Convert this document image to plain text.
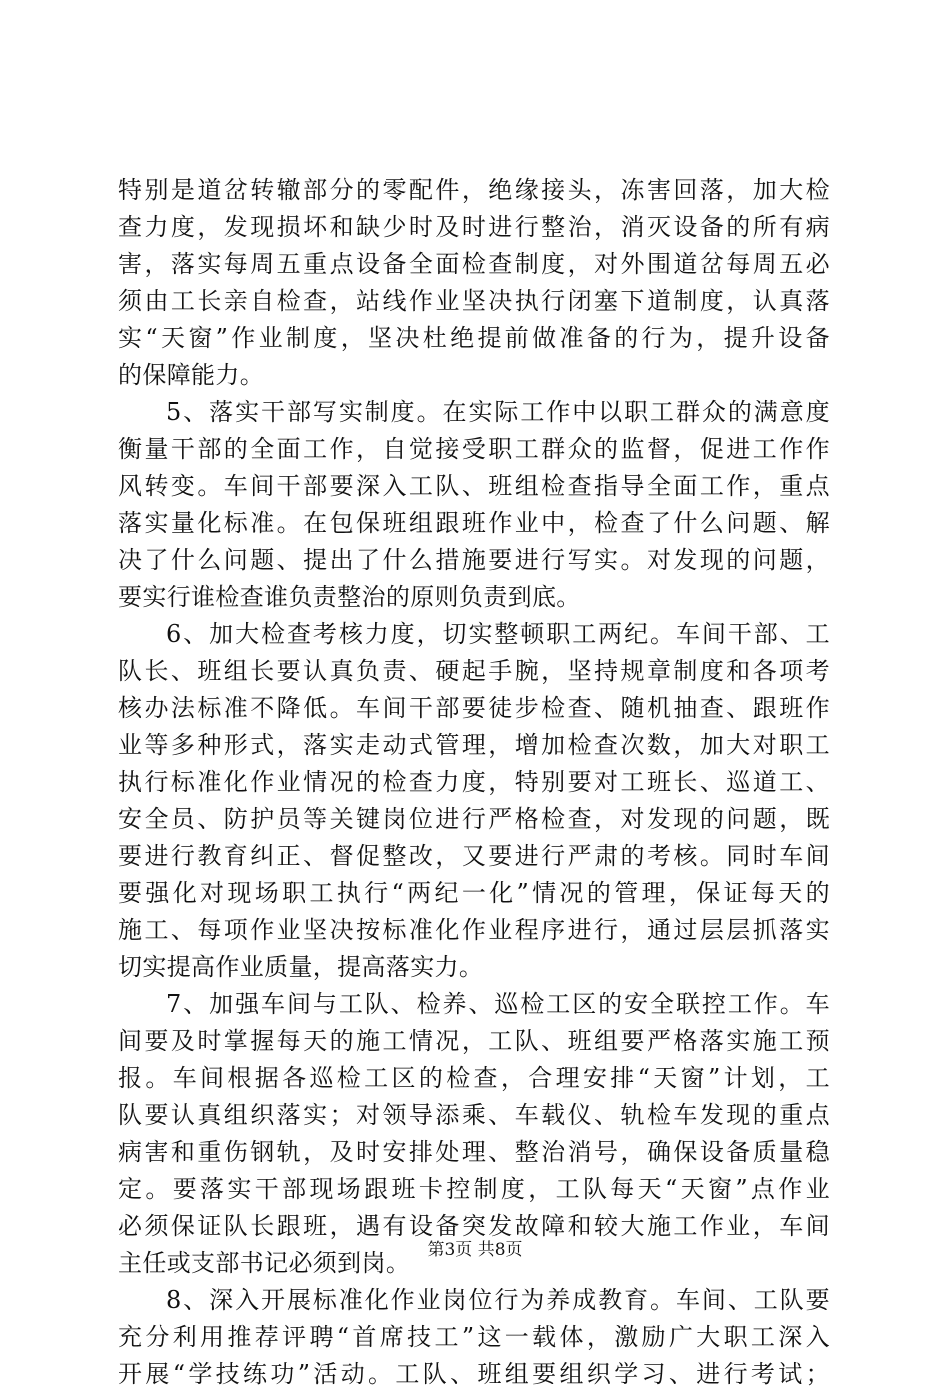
特别是道岔转辙部分的零配件，绝缘接头，冻害回落，加大检
查力度，发现损坏和缺少时及时进行整治，消灭设备的所有病
害，落实每周五重点设备全面检查制度，对外围道岔每周五必
须由工长亲自检查，站线作业坚决执行闭塞下道制度，认真落
实“天窗”作业制度，坚决杜绝提前做准备的行为，提升设备
的保障能力。
5、落实干部写实制度。在实际工作中以职工群众的满意度
衡量干部的全面工作，自觉接受职工群众的监督，促进工作作
风转变。车间干部要深入工队、班组检查指导全面工作，重点
落实量化标准。在包保班组跟班作业中，检查了什么问题、解
决了什么问题、提出了什么措施要进行写实。对发现的问题，
要实行谁检查谁负责整治的原则负责到底。
6、加大检查考核力度，切实整顿职工两纪。车间干部、工
队长、班组长要认真负责、硬起手腕，坚持规章制度和各项考
核办法标准不降低。车间干部要徒步检查、随机抽查、跟班作
业等多种形式，落实走动式管理，增加检查次数，加大对职工
执行标准化作业情况的检查力度，特别要对工班长、巡道工、
安全员、防护员等关键岗位进行严格检查，对发现的问题，既
要进行教育纠正、督促整改，又要进行严肃的考核。同时车间
要强化对现场职工执行“两纪一化”情况的管理，保证每天的
施工、每项作业坚决按标准化作业程序进行，通过层层抓落实
切实提高作业质量，提高落实力。
7、加强车间与工队、检养、巡检工区的安全联控工作。车
间要及时掌握每天的施工情况，工队、班组要严格落实施工预
报。车间根据各巡检工区的检查，合理安排“天窗”计划，工
队要认真组织落实；对领导添乘、车载仪、轨检车发现的重点
病害和重伤钢轨，及时安排处理、整治消号，确保设备质量稳
定。要落实干部现场跟班卡控制度，工队每天“天窗”点作业
必须保证队长跟班，遇有设备突发故障和较大施工作业，车间
主任或支部书记必须到岗。
8、深入开展标准化作业岗位行为养成教育。车间、工队要
充分利用推荐评聘“首席技工”这一载体，激励广大职工深入
开展“学技练功”活动。工队、班组要组织学习、进行考试；
第3页 共8页
